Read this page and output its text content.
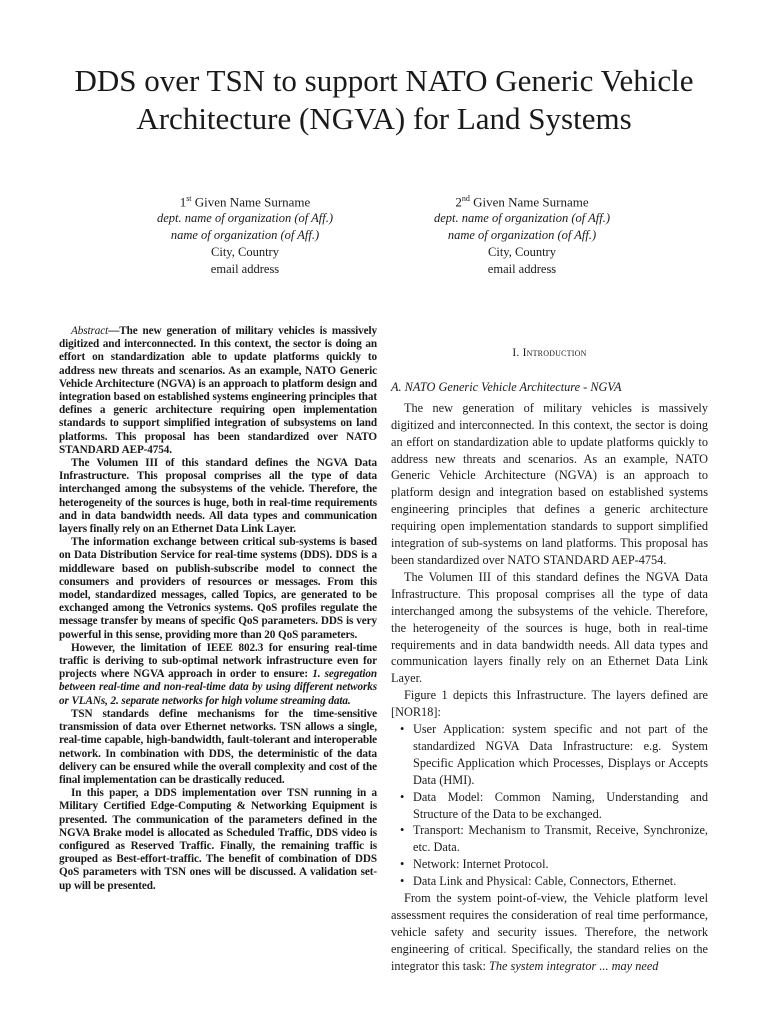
DDS over TSN to support NATO Generic Vehicle Architecture (NGVA) for Land Systems
1st Given Name Surname
dept. name of organization (of Aff.)
name of organization (of Aff.)
City, Country
email address
2nd Given Name Surname
dept. name of organization (of Aff.)
name of organization (of Aff.)
City, Country
email address

Abstract—The new generation of military vehicles is massively digitized and interconnected. In this context, the sector is doing an effort on standardization able to update platforms quickly to address new threats and scenarios. As an example, NATO Generic Vehicle Architecture (NGVA) is an approach to platform design and integration based on established systems engineering principles that defines a generic architecture requiring open implementation standards to support simplified integration of subsystems on land platforms. This proposal has been standardized over NATO STANDARD AEP-4754.

The Volumen III of this standard defines the NGVA Data Infrastructure. This proposal comprises all the type of data interchanged among the subsystems of the vehicle. Therefore, the heterogeneity of the sources is huge, both in real-time requirements and in data bandwidth needs. All data types and communication layers finally rely on an Ethernet Data Link Layer.

The information exchange between critical sub-systems is based on Data Distribution Service for real-time systems (DDS). DDS is a middleware based on publish-subscribe model to connect the consumers and providers of resources or messages. From this model, standardized messages, called Topics, are generated to be exchanged among the Vetronics systems. QoS profiles regulate the message transfer by means of specific QoS parameters. DDS is very powerful in this sense, providing more than 20 QoS parameters.

However, the limitation of IEEE 802.3 for ensuring real-time traffic is deriving to sub-optimal network infrastructure even for projects where NGVA approach in order to ensure: 1. segregation between real-time and non-real-time data by using different networks or VLANs, 2. separate networks for high volume streaming data.

TSN standards define mechanisms for the time-sensitive transmission of data over Ethernet networks. TSN allows a single, real-time capable, high-bandwidth, fault-tolerant and interoperable network. In combination with DDS, the deterministic of the data delivery can be ensured while the overall complexity and cost of the final implementation can be drastically reduced.

In this paper, a DDS implementation over TSN running in a Military Certified Edge-Computing & Networking Equipment is presented. The communication of the parameters defined in the NGVA Brake model is allocated as Scheduled Traffic, DDS video is configured as Reserved Traffic. Finally, the remaining traffic is grouped as Best-effort-traffic. The benefit of combination of DDS QoS parameters with TSN ones will be discussed. A validation set-up will be presented.

I. Introduction
A. NATO Generic Vehicle Architecture - NGVA

The new generation of military vehicles is massively digitized and interconnected. In this context, the sector is doing an effort on standardization able to update platforms quickly to address new threats and scenarios. As an example, NATO Generic Vehicle Architecture (NGVA) is an approach to platform design and integration based on established systems engineering principles that defines a generic architecture requiring open implementation standards to support simplified integration of sub-systems on land platforms. This proposal has been standardized over NATO STANDARD AEP-4754.

The Volumen III of this standard defines the NGVA Data Infrastructure. This proposal comprises all the type of data interchanged among the subsystems of the vehicle. Therefore, the heterogeneity of the sources is huge, both in real-time requirements and in data bandwidth needs. All data types and communication layers finally rely on an Ethernet Data Link Layer.

Figure 1 depicts this Infrastructure. The layers defined are [NOR18]:

• User Application: system specific and not part of the standardized NGVA Data Infrastructure: e.g. System Specific Application which Processes, Displays or Accepts Data (HMI).
• Data Model: Common Naming, Understanding and Structure of the Data to be exchanged.
• Transport: Mechanism to Transmit, Receive, Synchronize, etc. Data.
• Network: Internet Protocol.
• Data Link and Physical: Cable, Connectors, Ethernet.

From the system point-of-view, the Vehicle platform level assessment requires the consideration of real time performance, vehicle safety and security issues. Therefore, the network engineering of critical. Specifically, the standard relies on the integrator this task: The system integrator ... may need
